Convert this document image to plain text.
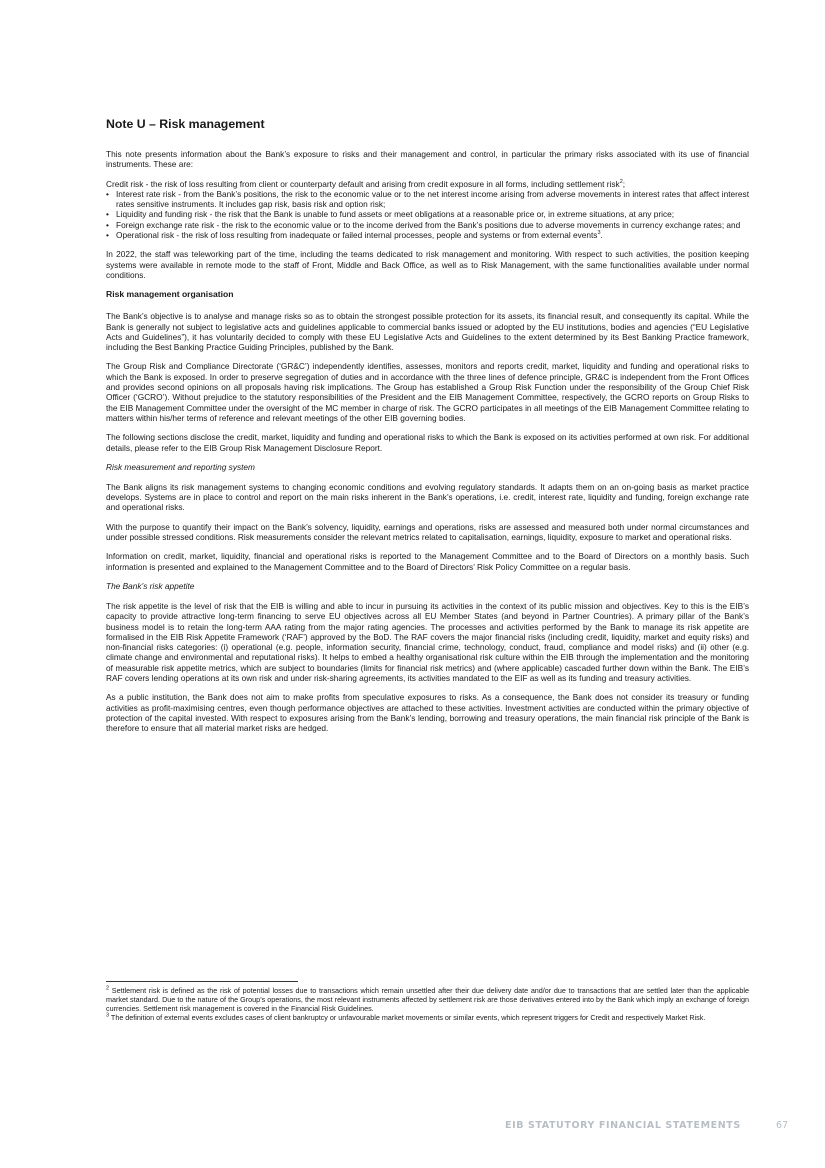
Note U – Risk management

This note presents information about the Bank’s exposure to risks and their management and control, in particular the primary risks associated with its use of financial instruments. These are:

Credit risk - the risk of loss resulting from client or counterparty default and arising from credit exposure in all forms, including settlement risk$^2$;

• Interest rate risk - from the Bank’s positions, the risk to the economic value or to the net interest income arising from adverse movements in interest rates that affect interest rates sensitive instruments. It includes gap risk, basis risk and option risk;
• Liquidity and funding risk - the risk that the Bank is unable to fund assets or meet obligations at a reasonable price or, in extreme situations, at any price;
• Foreign exchange rate risk - the risk to the economic value or to the income derived from the Bank’s positions due to adverse movements in currency exchange rates; and
• Operational risk - the risk of loss resulting from inadequate or failed internal processes, people and systems or from external events$^3$.

In 2022, the staff was teleworking part of the time, including the teams dedicated to risk management and monitoring. With respect to such activities, the position keeping systems were available in remote mode to the staff of Front, Middle and Back Office, as well as to Risk Management, with the same functionalities available under normal conditions.

Risk management organisation

The Bank’s objective is to analyse and manage risks so as to obtain the strongest possible protection for its assets, its financial result, and consequently its capital. While the Bank is generally not subject to legislative acts and guidelines applicable to commercial banks issued or adopted by the EU institutions, bodies and agencies (“EU Legislative Acts and Guidelines”), it has voluntarily decided to comply with these EU Legislative Acts and Guidelines to the extent determined by its Best Banking Practice framework, including the Best Banking Practice Guiding Principles, published by the Bank.

The Group Risk and Compliance Directorate (‘GR&C’) independently identifies, assesses, monitors and reports credit, market, liquidity and funding and operational risks to which the Bank is exposed. In order to preserve segregation of duties and in accordance with the three lines of defence principle, GR&C is independent from the Front Offices and provides second opinions on all proposals having risk implications. The Group has established a Group Risk Function under the responsibility of the Group Chief Risk Officer (‘GCRO’). Without prejudice to the statutory responsibilities of the President and the EIB Management Committee, respectively, the GCRO reports on Group Risks to the EIB Management Committee under the oversight of the MC member in charge of risk. The GCRO participates in all meetings of the EIB Management Committee relating to matters within his/her terms of reference and relevant meetings of the other EIB governing bodies.

The following sections disclose the credit, market, liquidity and funding and operational risks to which the Bank is exposed on its activities performed at own risk. For additional details, please refer to the EIB Group Risk Management Disclosure Report.

Risk measurement and reporting system

The Bank aligns its risk management systems to changing economic conditions and evolving regulatory standards. It adapts them on an on-going basis as market practice develops. Systems are in place to control and report on the main risks inherent in the Bank’s operations, i.e. credit, interest rate, liquidity and funding, foreign exchange rate and operational risks.

With the purpose to quantify their impact on the Bank’s solvency, liquidity, earnings and operations, risks are assessed and measured both under normal circumstances and under possible stressed conditions. Risk measurements consider the relevant metrics related to capitalisation, earnings, liquidity, exposure to market and operational risks.

Information on credit, market, liquidity, financial and operational risks is reported to the Management Committee and to the Board of Directors on a monthly basis. Such information is presented and explained to the Management Committee and to the Board of Directors’ Risk Policy Committee on a regular basis.

The Bank’s risk appetite

The risk appetite is the level of risk that the EIB is willing and able to incur in pursuing its activities in the context of its public mission and objectives. Key to this is the EIB’s capacity to provide attractive long-term financing to serve EU objectives across all EU Member States (and beyond in Partner Countries). A primary pillar of the Bank’s business model is to retain the long-term AAA rating from the major rating agencies. The processes and activities performed by the Bank to manage its risk appetite are formalised in the EIB Risk Appetite Framework (‘RAF’) approved by the BoD. The RAF covers the major financial risks (including credit, liquidity, market and equity risks) and non-financial risks categories: (i) operational (e.g. people, information security, financial crime, technology, conduct, fraud, compliance and model risks) and (ii) other (e.g. climate change and environmental and reputational risks). It helps to embed a healthy organisational risk culture within the EIB through the implementation and the monitoring of measurable risk appetite metrics, which are subject to boundaries (limits for financial risk metrics) and (where applicable) cascaded further down within the Bank. The EIB’s RAF covers lending operations at its own risk and under risk-sharing agreements, its activities mandated to the EIF as well as its funding and treasury activities.

As a public institution, the Bank does not aim to make profits from speculative exposures to risks. As a consequence, the Bank does not consider its treasury or funding activities as profit-maximising centres, even though performance objectives are attached to these activities. Investment activities are conducted within the primary objective of protection of the capital invested. With respect to exposures arising from the Bank’s lending, borrowing and treasury operations, the main financial risk principle of the Bank is therefore to ensure that all material market risks are hedged.

$^2$ Settlement risk is defined as the risk of potential losses due to transactions which remain unsettled after their due delivery date and/or due to transactions that are settled later than the applicable market standard. Due to the nature of the Group’s operations, the most relevant instruments affected by settlement risk are those derivatives entered into by the Bank which imply an exchange of foreign currencies. Settlement risk management is covered in the Financial Risk Guidelines.

$^3$ The definition of external events excludes cases of client bankruptcy or unfavourable market movements or similar events, which represent triggers for Credit and respectively Market Risk.

EIB STATUTORY FINANCIAL STATEMENTS	67
